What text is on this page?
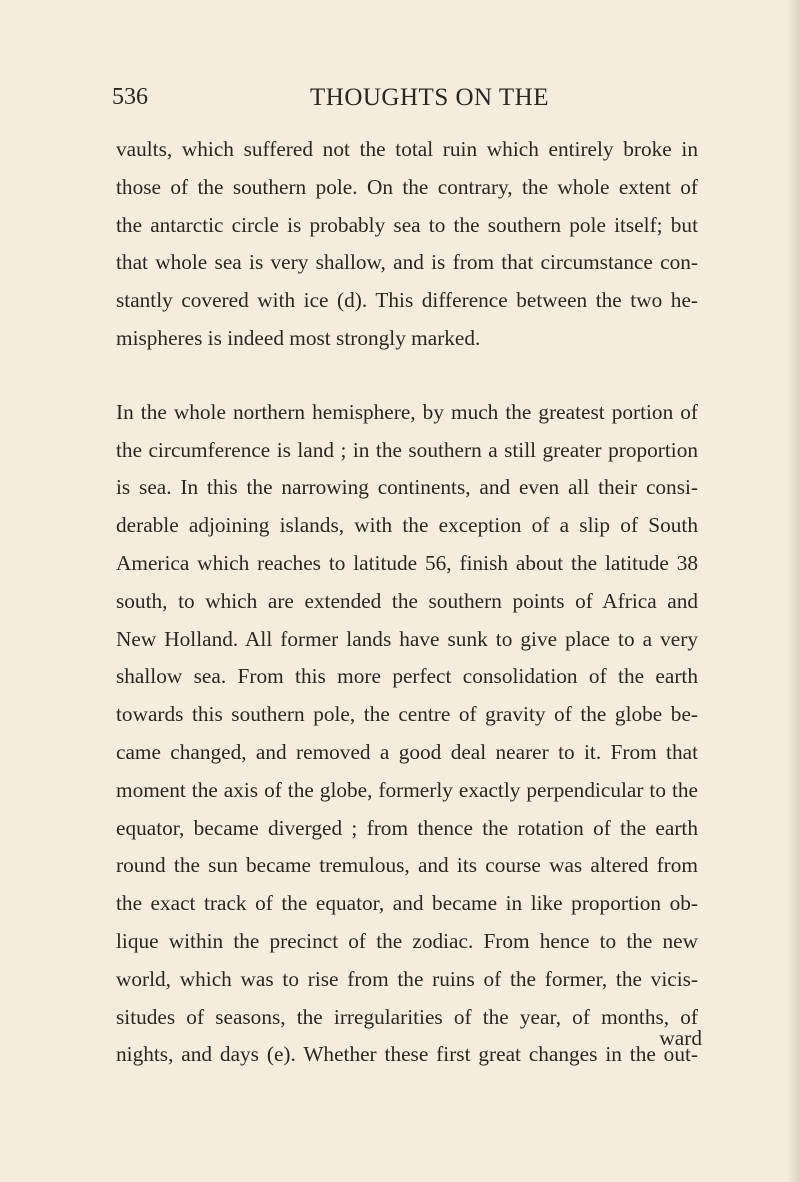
536	THOUGHTS ON THE

vaults, which suffered not the total ruin which entirely broke in
those of the southern pole. On the contrary, the whole extent of
the antarctic circle is probably sea to the southern pole itself; but
that whole sea is very shallow, and is from that circumstance con-
stantly covered with ice (d). This difference between the two he-
mispheres is indeed most strongly marked.

In the whole northern hemisphere, by much the greatest portion of
the circumference is land ; in the southern a still greater proportion
is sea. In this the narrowing continents, and even all their consi-
derable adjoining islands, with the exception of a slip of South
America which reaches to latitude 56, finish about the latitude 38
south, to which are extended the southern points of Africa and
New Holland. All former lands have sunk to give place to a very
shallow sea. From this more perfect consolidation of the earth
towards this southern pole, the centre of gravity of the globe be-
came changed, and removed a good deal nearer to it. From that
moment the axis of the globe, formerly exactly perpendicular to the
equator, became diverged ; from thence the rotation of the earth
round the sun became tremulous, and its course was altered from
the exact track of the equator, and became in like proportion ob-
lique within the precinct of the zodiac. From hence to the new
world, which was to rise from the ruins of the former, the vicis-
situdes of seasons, the irregularities of the year, of months, of
nights, and days (e). Whether these first great changes in the out-

ward
